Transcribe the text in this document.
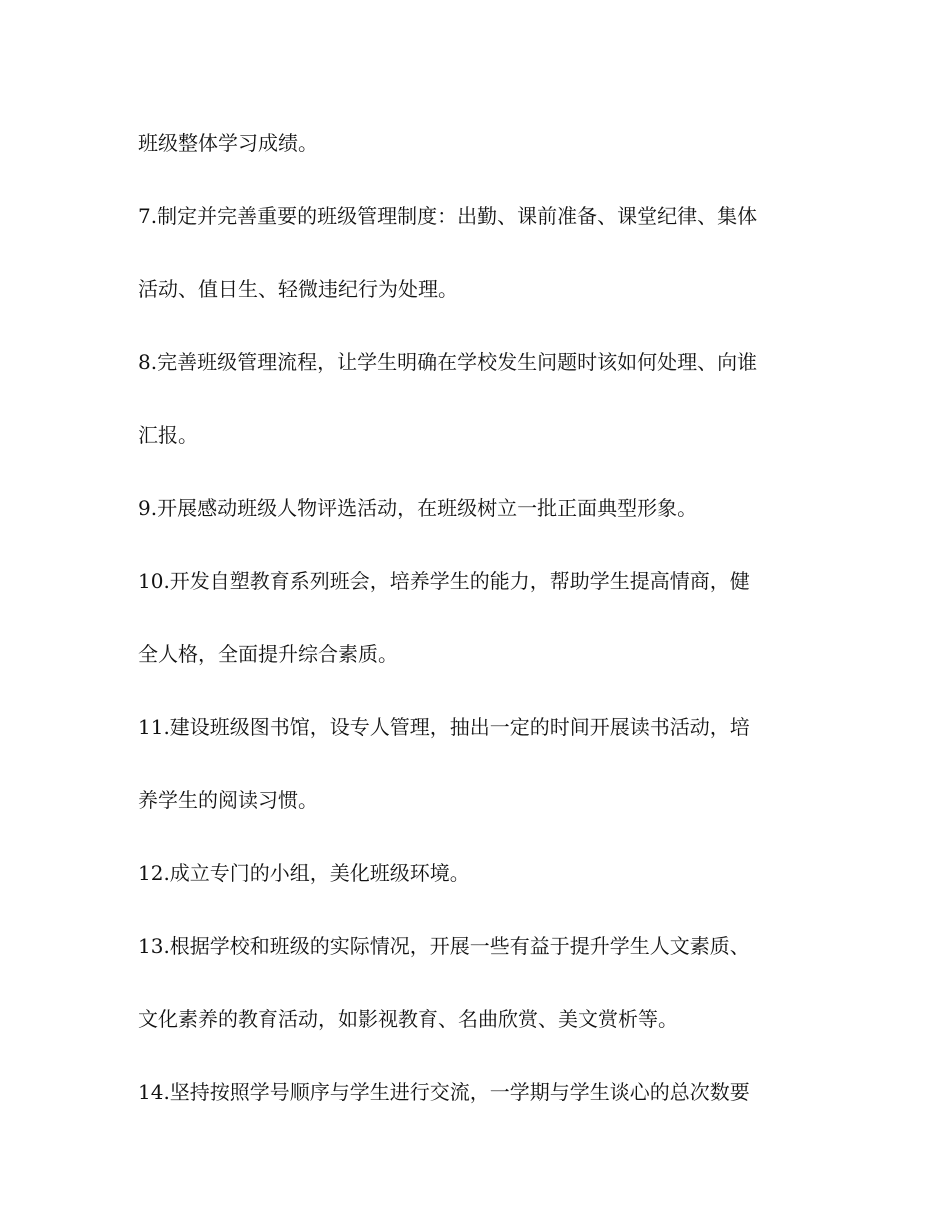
班级整体学习成绩。
7.制定并完善重要的班级管理制度：出勤、课前准备、课堂纪律、集体
活动、值日生、轻微违纪行为处理。
8.完善班级管理流程，让学生明确在学校发生问题时该如何处理、向谁
汇报。
9.开展感动班级人物评选活动，在班级树立一批正面典型形象。
10.开发自塑教育系列班会，培养学生的能力，帮助学生提高情商，健
全人格，全面提升综合素质。
11.建设班级图书馆，设专人管理，抽出一定的时间开展读书活动，培
养学生的阅读习惯。
12.成立专门的小组，美化班级环境。
13.根据学校和班级的实际情况，开展一些有益于提升学生人文素质、
文化素养的教育活动，如影视教育、名曲欣赏、美文赏析等。
14.坚持按照学号顺序与学生进行交流，一学期与学生谈心的总次数要
